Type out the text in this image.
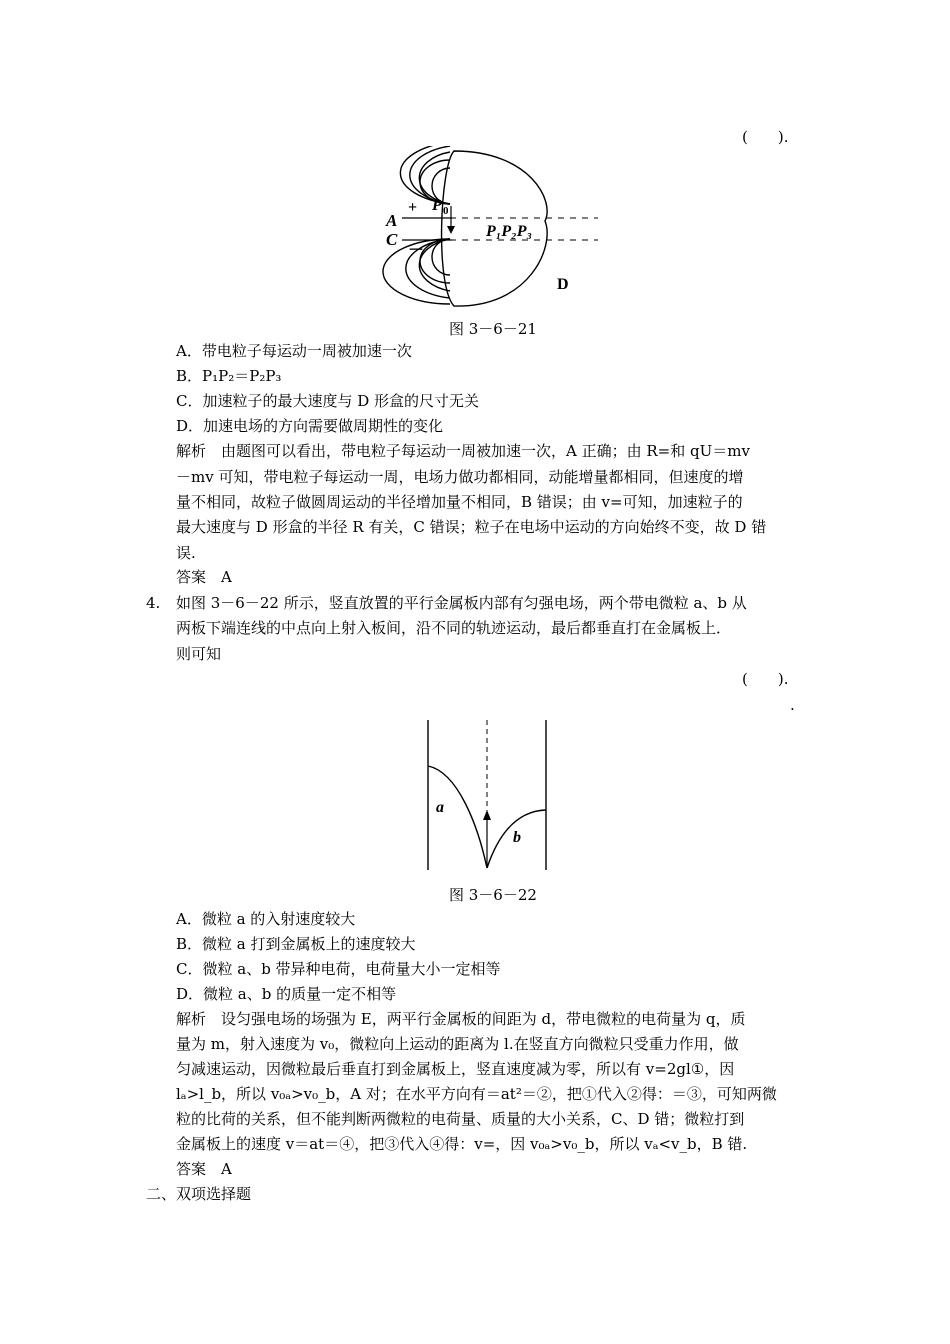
(　　).
A
C
+
－
P 0
P₁P₂P₃
D
图 3－6－21
A．带电粒子每运动一周被加速一次
B．P₁P₂＝P₂P₃
C．加速粒子的最大速度与 D 形盒的尺寸无关
D．加速电场的方向需要做周期性的变化
解析　由题图可以看出，带电粒子每运动一周被加速一次，A 正确；由 R=和 qU＝mv
－mv 可知，带电粒子每运动一周，电场力做功都相同，动能增量都相同，但速度的增
量不相同，故粒子做圆周运动的半径增加量不相同，B 错误；由 v=可知，加速粒子的
最大速度与 D 形盒的半径 R 有关，C 错误；粒子在电场中运动的方向始终不变，故 D 错
误.
答案　A
4. 如图 3－6－22 所示，竖直放置的平行金属板内部有匀强电场，两个带电微粒 a、b 从
两板下端连线的中点向上射入板间，沿不同的轨迹运动，最后都垂直打在金属板上．
则可知
(　　).
.
a
b
图 3－6－22
A．微粒 a 的入射速度较大
B．微粒 a 打到金属板上的速度较大
C．微粒 a、b 带异种电荷，电荷量大小一定相等
D．微粒 a、b 的质量一定不相等
解析　设匀强电场的场强为 E，两平行金属板的间距为 d，带电微粒的电荷量为 q，质
量为 m，射入速度为 v₀，微粒向上运动的距离为 l.在竖直方向微粒只受重力作用，做
匀减速运动，因微粒最后垂直打到金属板上，竖直速度减为零，所以有 v=2gl①，因
lₐ>l_b，所以 v₀ₐ>v₀_b，A 对；在水平方向有＝at²＝②，把①代入②得：＝③，可知两微
粒的比荷的关系，但不能判断两微粒的电荷量、质量的大小关系，C、D 错；微粒打到
金属板上的速度 v＝at＝④，把③代入④得：v=，因 v₀ₐ>v₀_b，所以 vₐ<v_b，B 错.
答案　A
二、双项选择题
